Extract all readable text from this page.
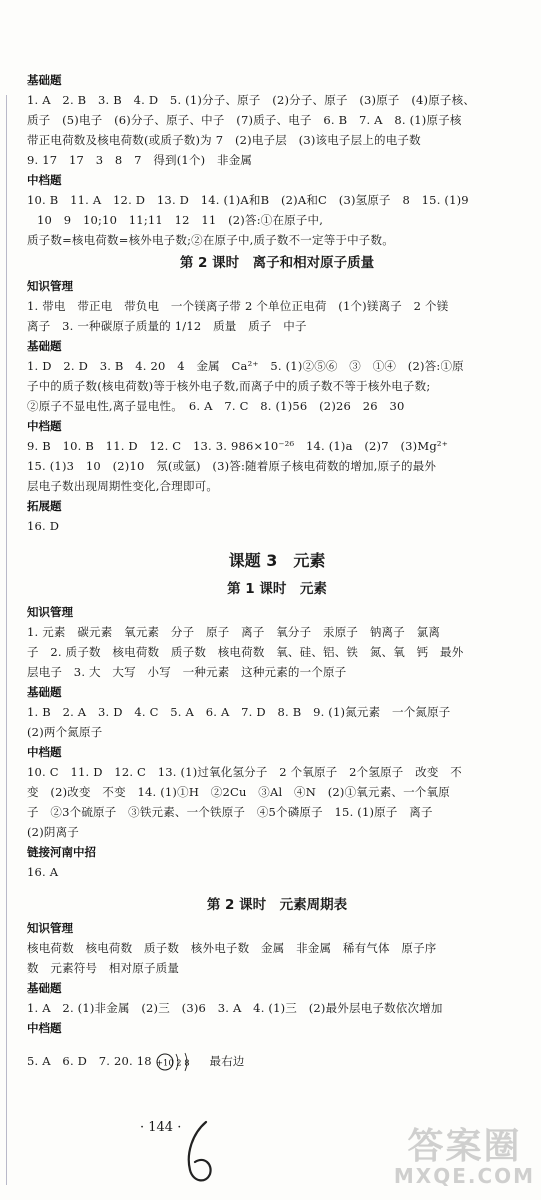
基础题
1. A　2. B　3. B　4. D　5. (1)分子、原子　(2)分子、原子　(3)原子　(4)原子核、
质子　(5)电子　(6)分子、原子、中子　(7)质子、电子　6. B　7. A　8. (1)原子核
带正电荷数及核电荷数(或质子数)为 7　(2)电子层　(3)该电子层上的电子数
9. 17　17　3　8　7　得到(1个)　非金属
中档题
10. B　11. A　12. D　13. D　14. (1)A和B　(2)A和C　(3)氢原子　8　15. (1)9
10　9　10;10　11;11　12　11　(2)答:①在原子中,
质子数=核电荷数=核外电子数;②在原子中,质子数不一定等于中子数。
第 2 课时　离子和相对原子质量
知识管理
1. 带电　带正电　带负电　一个镁离子带 2 个单位正电荷　(1个)镁离子　2 个镁
离子　3. 一种碳原子质量的 1/12　质量　质子　中子
基础题
1. D　2. D　3. B　4. 20　4　金属　Ca²⁺　5. (1)②⑤⑥　③　①④　(2)答:①原
子中的质子数(核电荷数)等于核外电子数,而离子中的质子数不等于核外电子数;
②原子不显电性,离子显电性。　6. A　7. C　8. (1)56　(2)26　26　30
中档题
9. B　10. B　11. D　12. C　13. 3. 986×10⁻²⁶　14. (1)a　(2)7　(3)Mg²⁺
15. (1)3　10　(2)10　氖(或氩)　(3)答:随着原子核电荷数的增加,原子的最外
层电子数出现周期性变化,合理即可。
拓展题
16. D
课题 3　元素
第 1 课时　元素
知识管理
1. 元素　碳元素　氧元素　分子　原子　离子　氧分子　汞原子　钠离子　氯离
子　2. 质子数　核电荷数　质子数　核电荷数　氧、硅、铝、铁　氮、氧　钙　最外
层电子　3. 大　大写　小写　一种元素　这种元素的一个原子
基础题
1. B　2. A　3. D　4. C　5. A　6. A　7. D　8. B　9. (1)氮元素　一个氮原子
(2)两个氮原子
中档题
10. C　11. D　12. C　13. (1)过氧化氢分子　2 个氧原子　2个氢原子　改变　不
变　(2)改变　不变　14. (1)①H　②2Cu　③Al　④N　(2)①氧元素、一个氧原
子　②3个硫原子　③铁元素、一个铁原子　④5个磷原子　15. (1)原子　离子
(2)阴离子
链接河南中招
16. A
第 2 课时　元素周期表
知识管理
核电荷数　核电荷数　质子数　核外电子数　金属　非金属　稀有气体　原子序
数　元素符号　相对原子质量
基础题
1. A　2. (1)非金属　(2)三　(3)6　3. A　4. (1)三　(2)最外层电子数依次增加
中档题
5. A　6. D　7. 20. 18 +10 2 8 最右边
· 144 ·	答案圈
MXQE.COM
